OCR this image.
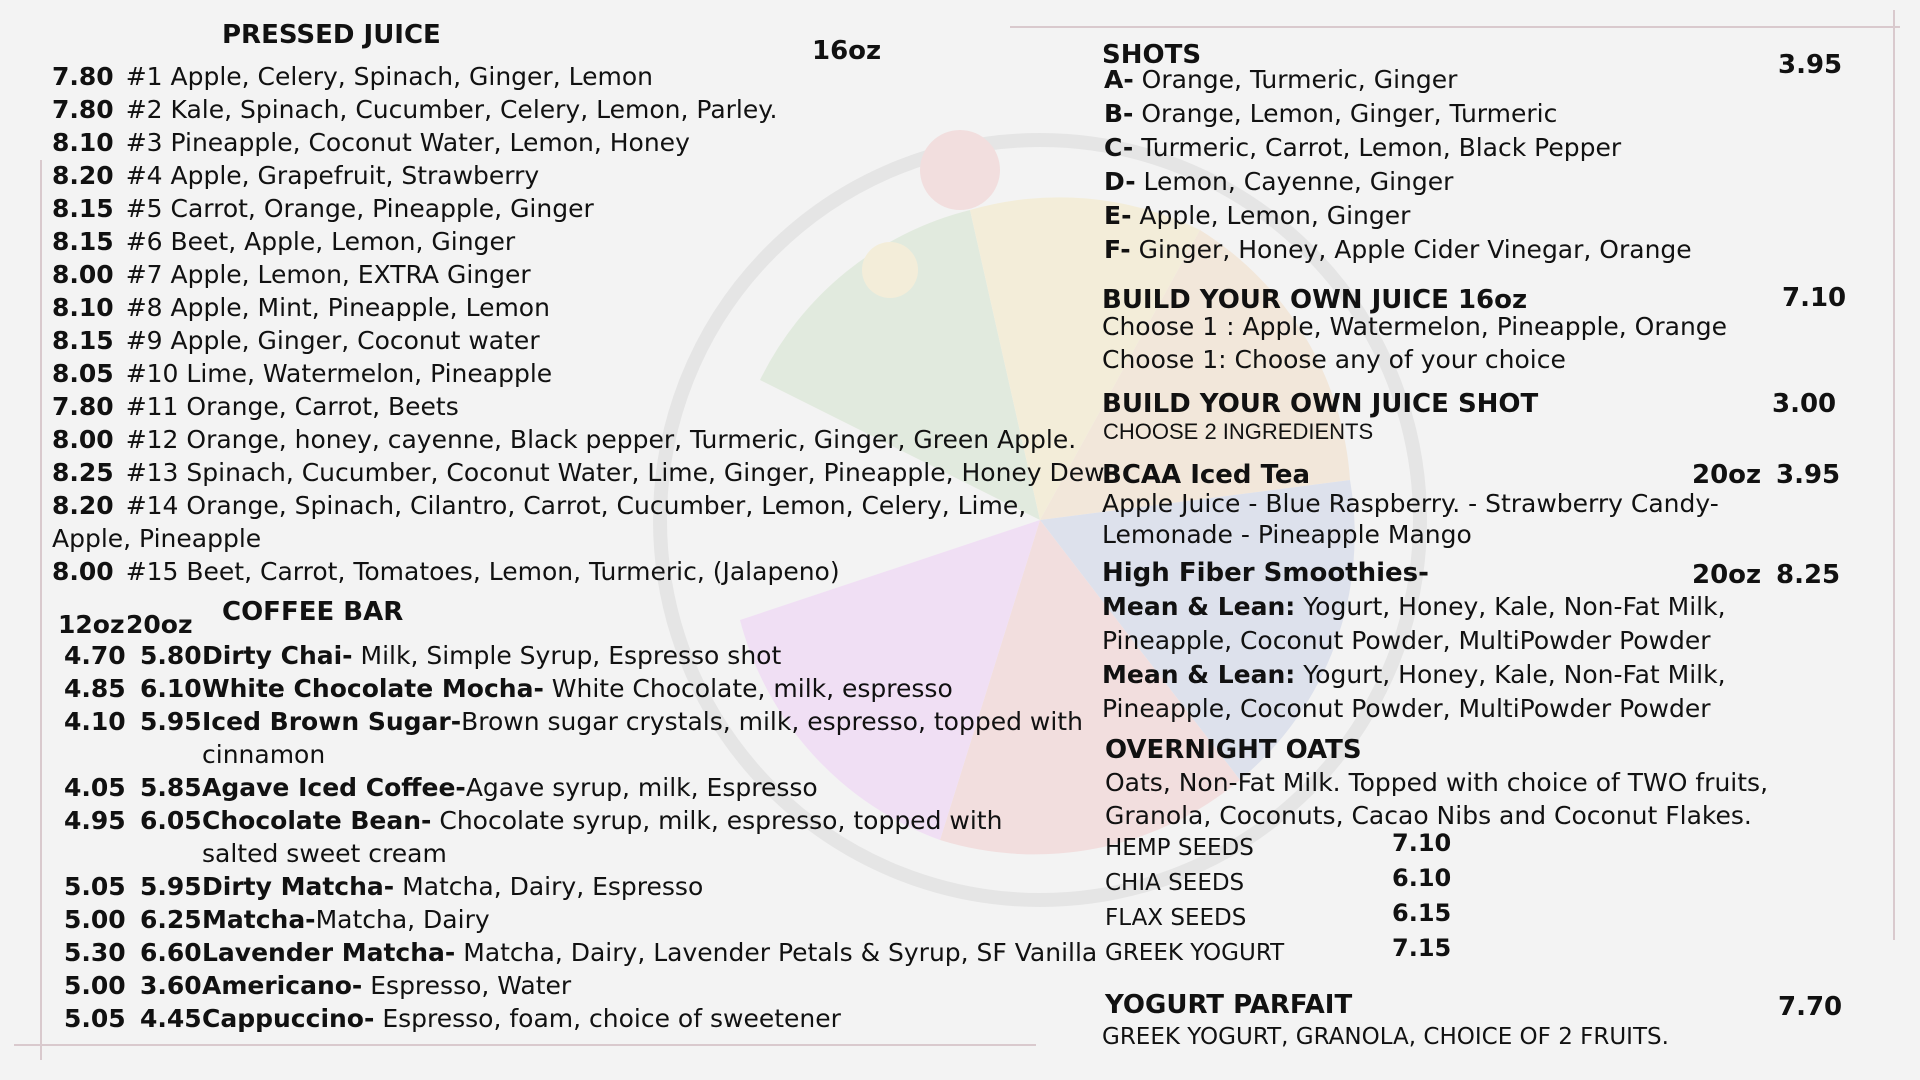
PRESSED JUICE
16oz
7.80 #1 Apple, Celery, Spinach, Ginger, Lemon
7.80 #2 Kale, Spinach, Cucumber, Celery, Lemon, Parley.
8.10 #3 Pineapple, Coconut Water, Lemon, Honey
8.20 #4 Apple, Grapefruit, Strawberry
8.15 #5 Carrot, Orange, Pineapple, Ginger
8.15 #6 Beet, Apple, Lemon, Ginger
8.00 #7 Apple, Lemon, EXTRA Ginger
8.10 #8 Apple, Mint, Pineapple, Lemon
8.15 #9 Apple, Ginger, Coconut water
8.05 #10 Lime, Watermelon, Pineapple
7.80 #11 Orange, Carrot, Beets
8.00 #12 Orange, honey, cayenne, Black pepper, Turmeric, Ginger, Green Apple.
8.25 #13 Spinach, Cucumber, Coconut Water, Lime, Ginger, Pineapple, Honey Dew
8.20 #14 Orange, Spinach, Cilantro, Carrot, Cucumber, Lemon, Celery, Lime,
Apple, Pineapple
8.00 #15 Beet, Carrot, Tomatoes, Lemon, Turmeric, (Jalapeno)
COFFEE BAR
12oz 20oz
4.70 5.80 Dirty Chai- Milk, Simple Syrup, Espresso shot
4.85 6.10 White Chocolate Mocha- White Chocolate, milk, espresso
4.10 5.95 Iced Brown Sugar-Brown sugar crystals, milk, espresso, topped with
cinnamon
4.05 5.85 Agave Iced Coffee-Agave syrup, milk, Espresso
4.95 6.05 Chocolate Bean- Chocolate syrup, milk, espresso, topped with
salted sweet cream
5.05 5.95 Dirty Matcha- Matcha, Dairy, Espresso
5.00 6.25 Matcha-Matcha, Dairy
5.30 6.60 Lavender Matcha- Matcha, Dairy, Lavender Petals & Syrup, SF Vanilla
5.00 3.60 Americano- Espresso, Water
5.05 4.45 Cappuccino- Espresso, foam, choice of sweetener
SHOTS	3.95
A- Orange, Turmeric, Ginger
B- Orange, Lemon, Ginger, Turmeric
C- Turmeric, Carrot, Lemon, Black Pepper
D- Lemon, Cayenne, Ginger
E- Apple, Lemon, Ginger
F- Ginger, Honey, Apple Cider Vinegar, Orange
BUILD YOUR OWN JUICE 16oz	7.10
Choose 1 : Apple, Watermelon, Pineapple, Orange
Choose 1: Choose any of your choice
BUILD YOUR OWN JUICE SHOT	3.00
CHOOSE 2 INGREDIENTS
BCAA Iced Tea	20oz 3.95
Apple Juice - Blue Raspberry. - Strawberry Candy-
Lemonade - Pineapple Mango
High Fiber Smoothies-	20oz 8.25
Mean & Lean: Yogurt, Honey, Kale, Non-Fat Milk,
Pineapple, Coconut Powder, MultiPowder Powder
Mean & Lean: Yogurt, Honey, Kale, Non-Fat Milk,
Pineapple, Coconut Powder, MultiPowder Powder
OVERNIGHT OATS
Oats, Non-Fat Milk. Topped with choice of TWO fruits,
Granola, Coconuts, Cacao Nibs and Coconut Flakes.
HEMP SEEDS	7.10
CHIA SEEDS	6.10
FLAX SEEDS	6.15
GREEK YOGURT	7.15
YOGURT PARFAIT	7.70
GREEK YOGURT, GRANOLA, CHOICE OF 2 FRUITS.
